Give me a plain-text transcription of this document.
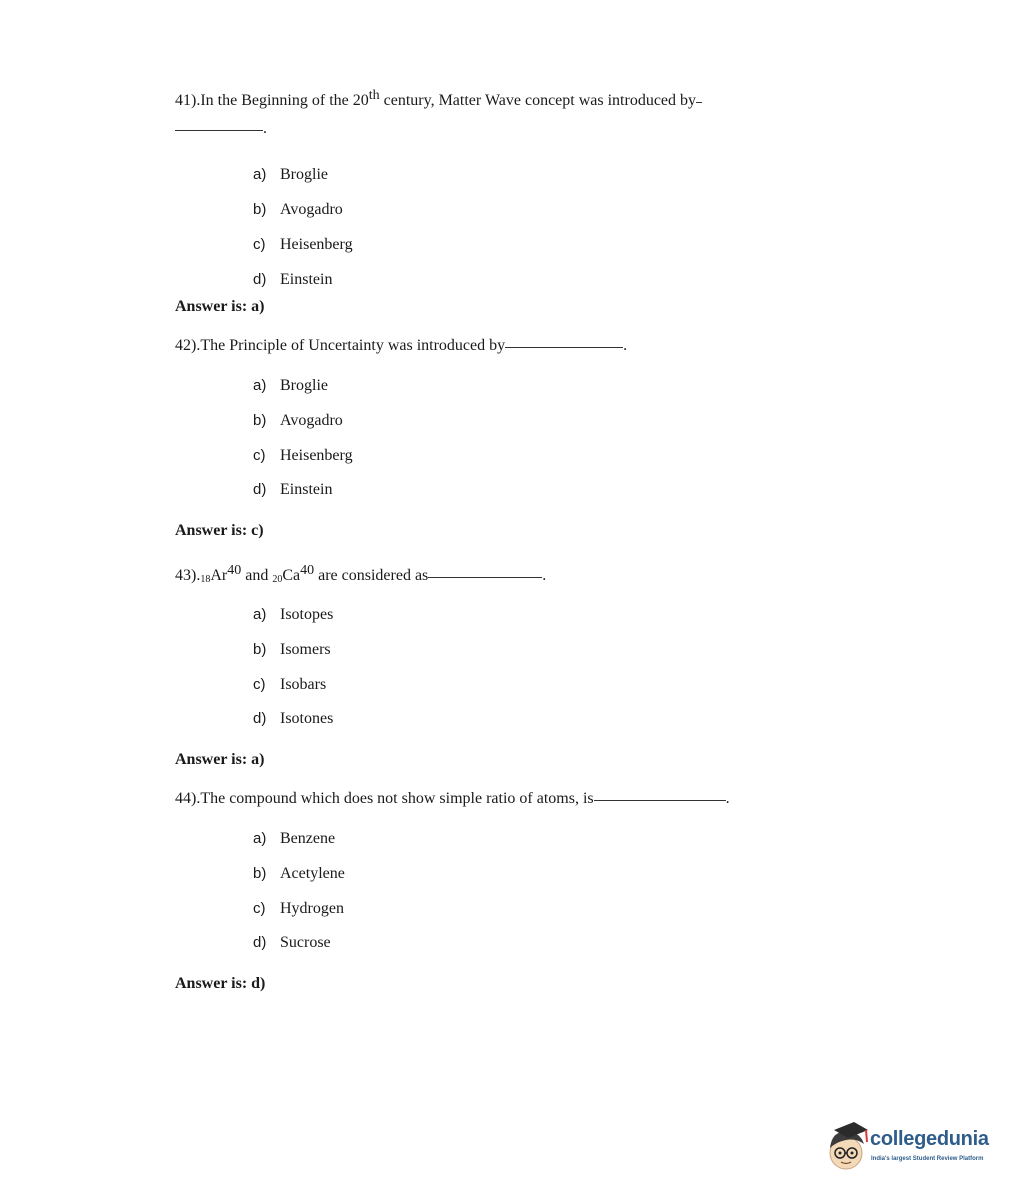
41).In the Beginning of the 20th century, Matter Wave concept was introduced by
.
a) Broglie
b) Avogadro
c) Heisenberg
d) Einstein
Answer is: a)
42).The Principle of Uncertainty was introduced by	.
a) Broglie
b) Avogadro
c) Heisenberg
d) Einstein
Answer is: c)
$43)._{18}Ar^{40}$ and $_{20}Ca^{40}$ are considered as	.
a) Isotopes
b) Isomers
c) Isobars
d) Isotones
Answer is: a)
44).The compound which does not show simple ratio of atoms, is	.
a) Benzene
b) Acetylene
c) Hydrogen
d) Sucrose
Answer is: d)
collegedunia
India's largest Student Review Platform
